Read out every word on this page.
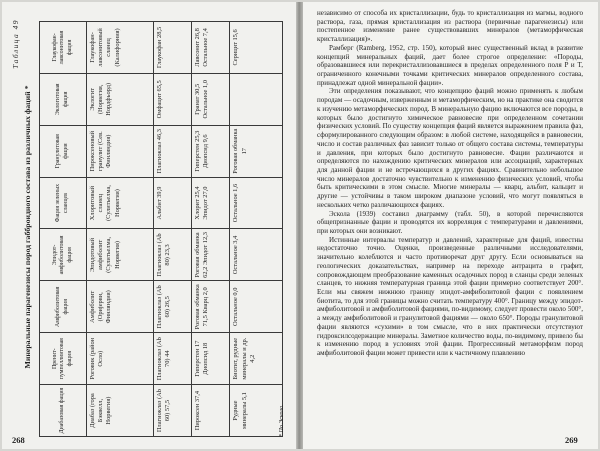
Таблица 49
Минеральные парагенезисы пород габброидного состава из различных фаций *
Диабазовая фация	Пренит-пумпеллиитовая фация	Амфиболитовая фация	Эпидот-амфиболитовая фация	Фация зеленых сланцев	Гранулитовая фация	Эклогитовая фация	Глаукофан-лавсонитовая фация
Диабаз (гора Бэквелл, Норвегия)	Роговик (район Осло)	Амфиболит (Оријерви, Финляндия)	Эпидотовый амфиболит (Сулитьелма, Норвегия)	Хлоритовый сланец (Сулитьелма, Норвегия)	Пироксеновый гранулит (Сев. Финляндия)	Эклогит (Норвегия, Нордфьорд)	Глаукофан-лавсонитовый сланец (Калифорния)
Плагиоклаз (Ab 60) 57,5	Плагиоклаз (Ab 70) 44	Плагиоклаз (Ab 60) 26,5	Плагиоклаз (Ab 80) 23,3	Альбит 39,9	Плагиоклаз 46,3	Омфацит 65,5	Глаукофан 28,5
Пироксен 37,4	Гиперстен 17 Диопсид 18	Роговая обманка 71,5 Кварц 2,0	Роговая обманка 62,2 Эпидот 12,3	Хлорит 25,4 Эпидот 27,0	Гиперстен 25,3 Диопсид 9,6	Гранат 30,5 Остальное 1,0	Лавсонит 26,8 Остальное 7,4
Рудные минералы 5,1	Биотит, рудные минералы и др. 4,2	Остальное 0,0	Остальное 3,4	Остальное 1,6	Роговая обманка 17		Серицит 15,6
* По Эскола.
268

независимо от способа их кристаллизации, будь то кристаллизация из магмы, водного раствора, газа, прямая кристаллизация из раствора (первичные парагенезисы) или постепенное изменение ранее существовавших минералов (метаморфическая кристаллизация)».

Рамберг (Ramberg, 1952, стр. 150), который внес существенный вклад в развитие концепций минеральных фаций, дает более строгое определение: «Породы, образовавшиеся или перекристаллизовавшиеся в пределах определенного поля P и T, ограниченного конечными точками критических минералов определенного состава, принадлежат одной минеральной фации».

Эти определения показывают, что концепцию фаций можно применять к любым породам — осадочным, изверженным и метаморфическим, но на практике она сводится к изучению метаморфических пород. В минеральную фацию включаются все породы, в которых было достигнуто химическое равновесие при определенном сочетании физических условий. По существу концепция фаций является выражением правила фаз, сформулированного следующим образом: в любой системе, находящейся в равновесии, число и состав различных фаз зависит только от общего состава системы, температуры и давления, при которых было достигнуто равновесие. Фации различаются и определяются по нахождению критических минералов или ассоциаций, характерных для данной фации и не встречающихся в других фациях. Сравнительно небольшое число минералов достаточно чувствительно к изменению физических условий, чтобы быть критическими в этом смысле. Многие минералы — кварц, альбит, кальцит и другие — устойчивы в таком широком диапазоне условий, что могут появляться в нескольких четко различающихся фациях.

Эскола (1939) составил диаграмму (табл. 50), в которой перечисляются общепризнанные фации и проводятся их корреляция с температурами и давлениями, при которых они возникают.

Истинные интервалы температур и давлений, характерные для фаций, известны недостаточно точно. Оценки, произведенные различными исследователями, значительно колеблются и часто противоречат друг другу. Если основываться на геологических доказательствах, например на переходе антрацита в графит, сопровождающем преобразование каменных осадочных пород в сланцы среди зеленых сланцев, то нижняя температурная граница этой фации примерно соответствует 200°. Если мы свяжем нижнюю границу эпидот-амфиболитовой фации с появлением биотита, то для этой границы можно считать температуру 400°. Границу между эпидот-амфиболитовой и амфиболитовой фациями, по-видимому, следует провести около 500°, а между амфиболитовой и гранулитовой фациями — около 650°. Породы гранулитовой фации являются «сухими» в том смысле, что в них практически отсутствуют гидроксилсодержащие минералы. Заметное количество воды, по-видимому, привело бы к изменению пород в условиях этой фации. Прогрессивный метаморфизм пород амфиболитовой фации может привести или к частичному плавлению

269
